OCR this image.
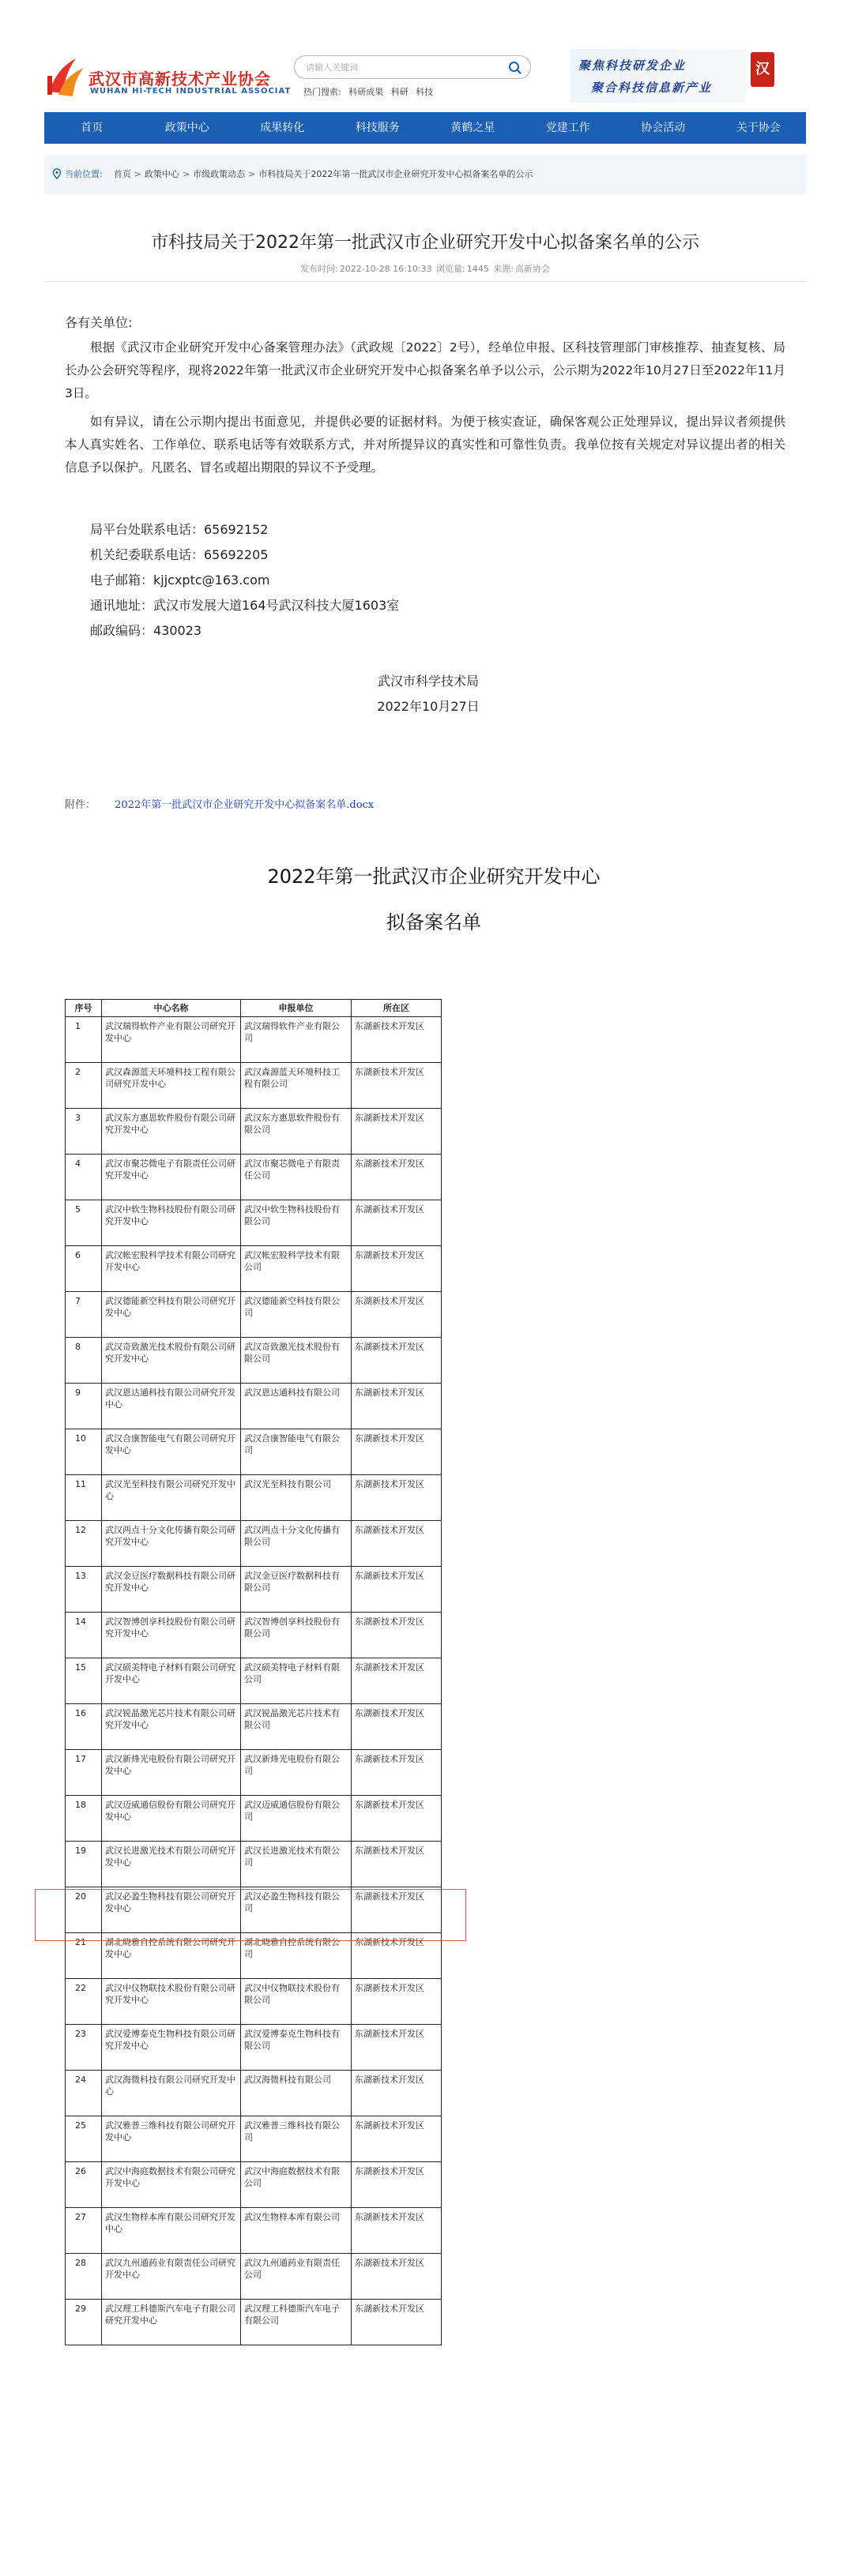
武汉市高新技术产业协会
WUHAN HI-TECH INDUSTRIAL ASSOCIAT
请输入关键词 热门搜索: 科研成果 科研 科技
聚焦科技研发企业
聚合科技信息新产业
汉
首页	政策中心	成果转化	科技服务	黄鹤之星	党建工作	协会活动	关于协会
当前位置: 首页 > 政策中心 > 市级政策动态 > 市科技局关于2022年第一批武汉市企业研究开发中心拟备案名单的公示
市科技局关于2022年第一批武汉市企业研究开发中心拟备案名单的公示
发布时间: 2022-10-28 16:10:33 浏览量: 1445 来源: 高新协会
各有关单位:

根据《武汉市企业研究开发中心备案管理办法》（武政规〔2022〕2号），经单位申报、区科技管理部门审核推荐、抽查复核、局长办公会研究等程序，现将2022年第一批武汉市企业研究开发中心拟备案名单予以公示，公示期为2022年10月27日至2022年11月3日。

如有异议，请在公示期内提出书面意见，并提供必要的证据材料。为便于核实查证，确保客观公正处理异议，提出异议者须提供本人真实姓名、工作单位、联系电话等有效联系方式，并对所提异议的真实性和可靠性负责。我单位按有关规定对异议提出者的相关信息予以保护。凡匿名、冒名或超出期限的异议不予受理。

局平台处联系电话：65692152
机关纪委联系电话：65692205
电子邮箱：kjjcxptc@163.com
通讯地址：武汉市发展大道164号武汉科技大厦1603室
邮政编码：430023
武汉市科学技术局
2022年10月27日
附件： 2022年第一批武汉市企业研究开发中心拟备案名单.docx
2022年第一批武汉市企业研究开发中心
拟备案名单
序号	中心名称	申报单位	所在区
1	武汉瑞得软件产业有限公司研究开发中心	武汉瑞得软件产业有限公司	东湖新技术开发区
2	武汉森源蓝天环境科技工程有限公司研究开发中心	武汉森源蓝天环境科技工程有限公司	东湖新技术开发区
3	武汉东方惠思软件股份有限公司研究开发中心	武汉东方惠思软件股份有限公司	东湖新技术开发区
4	武汉市聚芯微电子有限责任公司研究开发中心	武汉市聚芯微电子有限责任公司	东湖新技术开发区
5	武汉中软生物科技股份有限公司研究开发中心	武汉中软生物科技股份有限公司	东湖新技术开发区
6	武汉帐宏股科学技术有限公司研究开发中心	武汉帐宏股科学技术有限公司	东湖新技术开发区
7	武汉德能新空科技有限公司研究开发中心	武汉德能新空科技有限公司	东湖新技术开发区
8	武汉奇致激光技术股份有限公司研究开发中心	武汉奇致激光技术股份有限公司	东湖新技术开发区
9	武汉恩达通科技有限公司研究开发中心	武汉恩达通科技有限公司	东湖新技术开发区
10	武汉合康智能电气有限公司研究开发中心	武汉合康智能电气有限公司	东湖新技术开发区
11	武汉光至科技有限公司研究开发中心	武汉光至科技有限公司	东湖新技术开发区
12	武汉两点十分文化传播有限公司研究开发中心	武汉两点十分文化传播有限公司	东湖新技术开发区
13	武汉金豆医疗数据科技有限公司研究开发中心	武汉金豆医疗数据科技有限公司	东湖新技术开发区
14	武汉智博创享科技股份有限公司研究开发中心	武汉智博创享科技股份有限公司	东湖新技术开发区
15	武汉硕美特电子材料有限公司研究开发中心	武汉硕美特电子材料有限公司	东湖新技术开发区
16	武汉锐晶激光芯片技术有限公司研究开发中心	武汉锐晶激光芯片技术有限公司	东湖新技术开发区
17	武汉新烽光电股份有限公司研究开发中心	武汉新烽光电股份有限公司	东湖新技术开发区
18	武汉迈威通信股份有限公司研究开发中心	武汉迈威通信股份有限公司	东湖新技术开发区
19	武汉长进激光技术有限公司研究开发中心	武汉长进激光技术有限公司	东湖新技术开发区
20	武汉必盈生物科技有限公司研究开发中心	武汉必盈生物科技有限公司	东湖新技术开发区
21	湖北晓雅自控系统有限公司研究开发中心	湖北晓雅自控系统有限公司	东湖新技术开发区
22	武汉中仪物联技术股份有限公司研究开发中心	武汉中仪物联技术股份有限公司	东湖新技术开发区
23	武汉爱博泰克生物科技有限公司研究开发中心	武汉爱博泰克生物科技有限公司	东湖新技术开发区
24	武汉海微科技有限公司研究开发中心	武汉海微科技有限公司	东湖新技术开发区
25	武汉雅普三维科技有限公司研究开发中心	武汉雅普三维科技有限公司	东湖新技术开发区
26	武汉中海庭数据技术有限公司研究开发中心	武汉中海庭数据技术有限公司	东湖新技术开发区
27	武汉生物样本库有限公司研究开发中心	武汉生物样本库有限公司	东湖新技术开发区
28	武汉九州通药业有限责任公司研究开发中心	武汉九州通药业有限责任公司	东湖新技术开发区
29	武汉理工科德斯汽车电子有限公司研究开发中心	武汉理工科德斯汽车电子有限公司	东湖新技术开发区
